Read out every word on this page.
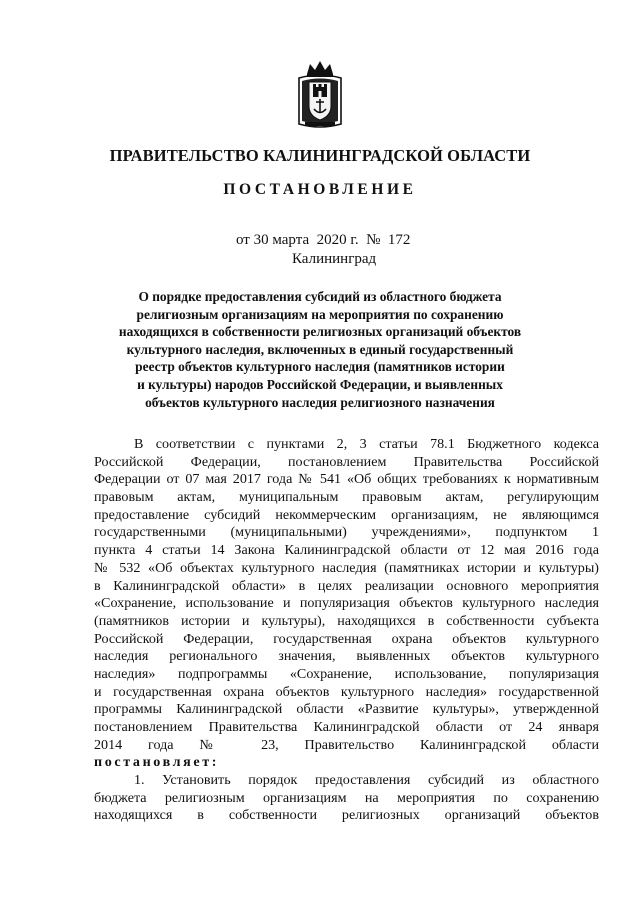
ПРАВИТЕЛЬСТВО КАЛИНИНГРАДСКОЙ ОБЛАСТИ
ПОСТАНОВЛЕНИЕ
от 30 марта  2020 г.  №  172
Калининград
О порядке предоставления субсидий из областного бюджета
религиозным организациям на мероприятия по сохранению
находящихся в собственности религиозных организаций объектов
культурного наследия, включенных в единый государственный
реестр объектов культурного наследия (памятников истории
и культуры) народов Российской Федерации, и выявленных
объектов культурного наследия религиозного назначения
В соответствии с пунктами 2, 3 статьи 78.1 Бюджетного кодекса
Российской Федерации, постановлением Правительства Российской
Федерации от 07 мая 2017 года № 541 «Об общих требованиях к нормативным
правовым актам, муниципальным правовым актам, регулирующим
предоставление субсидий некоммерческим организациям, не являющимся
государственными (муниципальными) учреждениями», подпунктом 1
пункта 4 статьи 14 Закона Калининградской области от 12 мая 2016 года
№ 532 «Об объектах культурного наследия (памятниках истории и культуры)
в Калининградской области» в целях реализации основного мероприятия
«Сохранение, использование и популяризация объектов культурного наследия
(памятников истории и культуры), находящихся в собственности субъекта
Российской Федерации, государственная охрана объектов культурного
наследия регионального значения, выявленных объектов культурного
наследия» подпрограммы «Сохранение, использование, популяризация
и государственная охрана объектов культурного наследия» государственной
программы Калининградской области «Развитие культуры», утвержденной
постановлением Правительства Калининградской области от 24 января
2014 года № 23, Правительство Калининградской области
постановляет:
1. Установить порядок предоставления субсидий из областного
бюджета религиозным организациям на мероприятия по сохранению
находящихся в собственности религиозных организаций объектов
